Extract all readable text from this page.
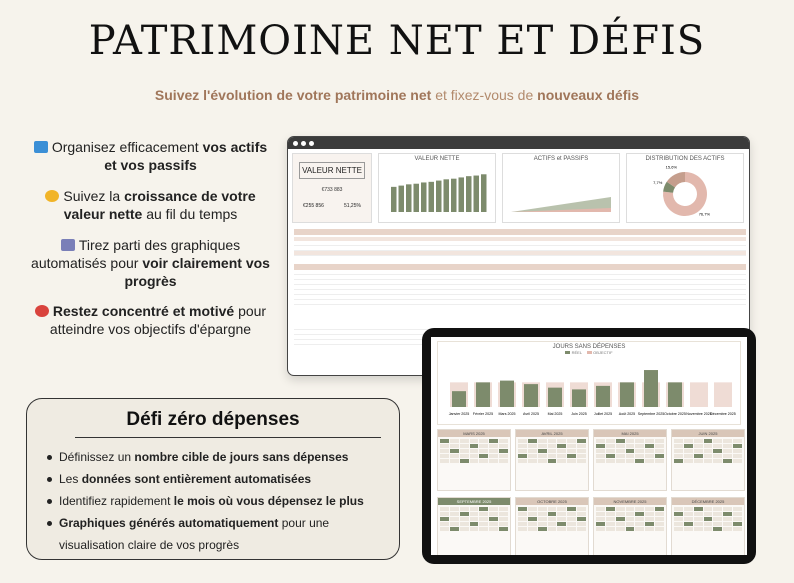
PATRIMOINE NET ET DÉFIS
Suivez l'évolution de votre patrimoine net et fixez-vous de nouveaux défis
Organisez efficacement vos actifs et vos passifs
Suivez la croissance de votre valeur nette au fil du temps
Tirez parti des graphiques automatisés pour voir clairement vos progrès
Restez concentré et motivé pour atteindre vos objectifs d'épargne
Défi zéro dépenses
Définissez un nombre cible de jours sans dépenses
Les données sont entièrement automatisées
Identifiez rapidement le mois où vous dépensez le plus
Graphiques générés automatiquement pour une visualisation claire de vos progrès
VALEUR NETTE
€733 883
€255 856	51,25%
VALEUR NETTE	ACTIFS et PASSIFS	DISTRIBUTION DES ACTIFS
76,7%
7,7%
15,6%
JOURS SANS DÉPENSES
RÉEL	OBJECTIF
Janvier 2025 Février 2025 Mars 2025 Avril 2025 Mai 2025 Juin 2025 Juillet 2025 Août 2025 Septembre 2025 Octobre 2025 Novembre 2025
Décembre 2025
MARS 2025	AVRIL 2025	MAI 2025	JUIN 2025
SEPTEMBRE 2025	OCTOBRE 2025	NOVEMBRE 2025	DÉCEMBRE 2025
